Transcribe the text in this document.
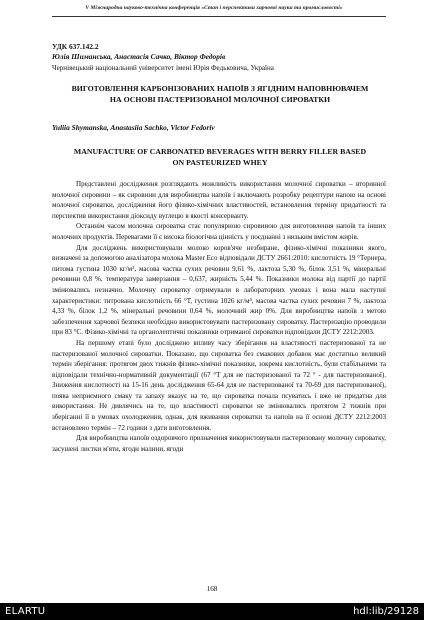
V Міжнародна науково-технічна конференція «Стан і перспективи харчової науки та промисловості»
УДК 637.142.2
Юлія Шиманська, Анастасія Сачко, Віктор Федорів
Чернівецький національний університет імені Юрія Федьковича, Україна
ВИГОТОВЛЕННЯ КАРБОНІЗОВАНИХ НАПОЇВ З ЯГІДНИМ НАПОВНЮВАЧЕМ НА ОСНОВІ ПАСТЕРИЗОВАНОЇ МОЛОЧНОЇ СИРОВАТКИ
Yuliia Shymanska, Anastasiia Sachko, Victor Fedoriv
MANUFACTURE OF CARBONATED BEVERAGES WITH BERRY FILLER BASED ON PASTEURIZED WHEY

Представлені дослідження розглядають можливість використання молочної сироватки – вторинної молочної сировини – як сировини для виробництва напоїв і включають розробку рецептури напою на основі молочної сироватки, дослідження його фізико-хімічних властивостей, встановлення терміну придатності та перспектив використання діоксиду вуглецю в якості консерванту.

Останнім часом молочна сироватка стає популярною сировиною для виготовлення напоїв та інших молочних продуктів. Перевагами її є висока біологічна цінність у поєднанні з низьким вмістом жирів.

Для досліджень використовували молоко коров'яче незбиране, фізико-хімічні показники якого, визначені за допомогою аналізатора молока Master Eco відповідали ДСТУ 2661:2010: кислотність 19 °Тернера, питома густина 1030 кг/м³, масова частка сухих речовин 9,61 %, лактоза 5,30 %, білок 3,51 %, мінеральні речовини 0,8 %, температура замерзання – 0,637, жирність 5,44 %. Показники молока від партії до партії змінювались незначно. Молочну сироватку отримували в лабораторних умовах і вона мала наступні характеристики: титрована кислотність 66 °Т, густина 1026 кг/м³, масова частка сухих речовин 7 %, лактоза 4,33 %, білок 1,2 %, мінеральні речовини 0,64 %, молочний жир 0%. Для виробництва напоїв з метою забезпечення харчової безпеки необхідно використовувати пастеризовану сироватку. Пастеризацію проводили при 83 °С. Фізико-хімічні та органолептичні показники отриманої сироватки відповідали ДСТУ 2212:2003.

На першому етапі було досліджено впливу часу зберігання на властивості пастеризованої та не пастеризованої молочної сироватки. Показано, що сироватка без смакових добавок має достатньо великий термін зберігання: протягом двох тижнів фізико-хімічні показники, зокрема кислотність, були стабільними та відповідали технічно-нормативній документації (67 °Т для не пастеризованої та 72 ° - для пастеризованої). Зниження кислотності на 15-16 день дослідження 65-64 для не пастеризованої та 70-69 для пастеризованої), поява неприємного смаку та запаху вказує на те, що сироватка почала псуватись і вже не придатна для використання. Не дивлячись на те, що властивості сироватки не змінювались протягом 2 тижнів при зберіганні її в умовах охолодження, однак, для вживання сироватки та напоїв на її основі ДСТУ 2212:2003 встановлено термін – 72 години з дати виготовлення.

Для виробництва напоїв оздоровчого призначення використовували пастеризовану молочну сироватку, засушені листки м'яти, ягоди малини, ягоди

168
ELARTU	hdl:lib/29128
